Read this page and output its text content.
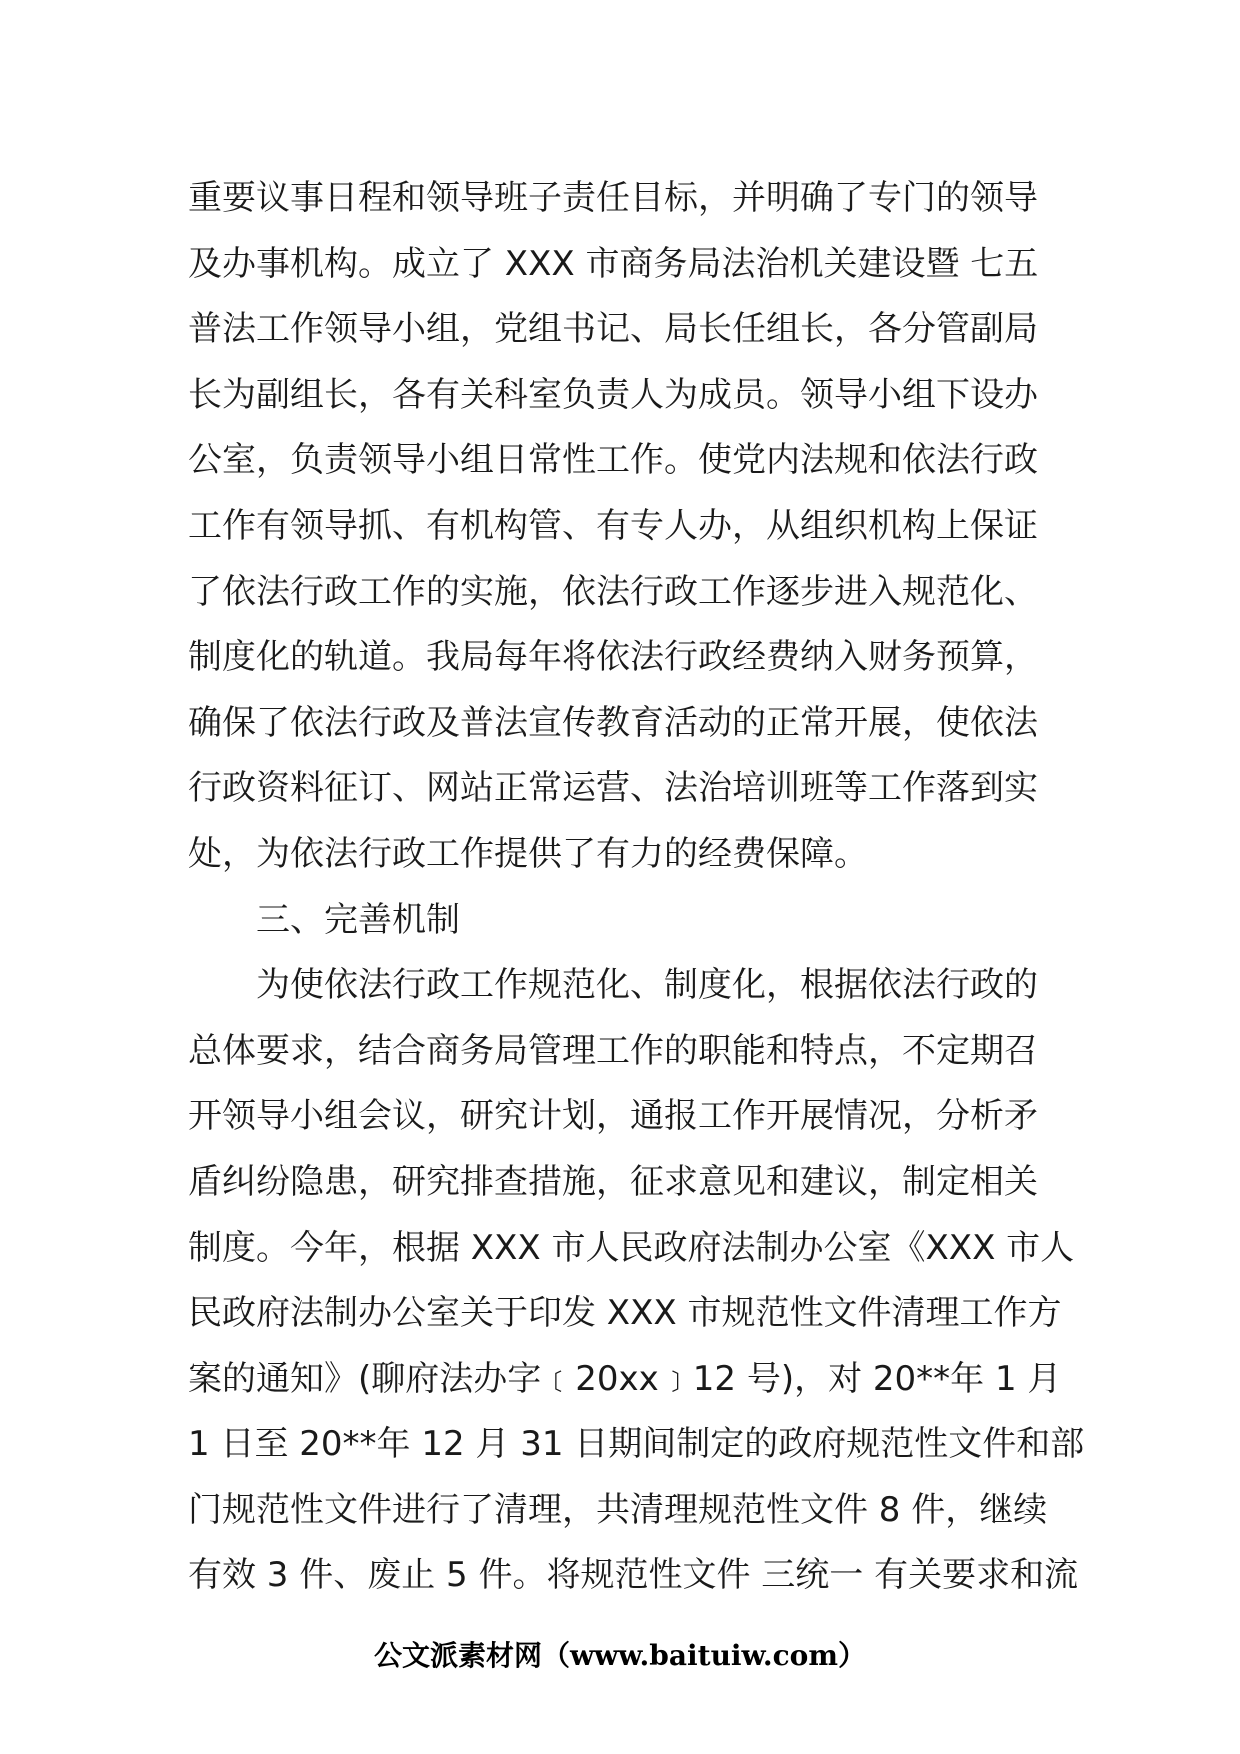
重要议事日程和领导班子责任目标，并明确了专门的领导
及办事机构。成立了 XXX 市商务局法治机关建设暨 七五
普法工作领导小组，党组书记、局长任组长，各分管副局
长为副组长，各有关科室负责人为成员。领导小组下设办
公室，负责领导小组日常性工作。使党内法规和依法行政
工作有领导抓、有机构管、有专人办，从组织机构上保证
了依法行政工作的实施，依法行政工作逐步进入规范化、
制度化的轨道。我局每年将依法行政经费纳入财务预算，
确保了依法行政及普法宣传教育活动的正常开展，使依法
行政资料征订、网站正常运营、法治培训班等工作落到实
处，为依法行政工作提供了有力的经费保障。
三、完善机制
为使依法行政工作规范化、制度化，根据依法行政的
总体要求，结合商务局管理工作的职能和特点，不定期召
开领导小组会议，研究计划，通报工作开展情况，分析矛
盾纠纷隐患，研究排查措施，征求意见和建议，制定相关
制度。今年，根据 XXX 市人民政府法制办公室《XXX 市人
民政府法制办公室关于印发 XXX 市规范性文件清理工作方
案的通知》(聊府法办字﹝20xx﹞12 号)，对 20**年 1 月
1 日至 20**年 12 月 31 日期间制定的政府规范性文件和部
门规范性文件进行了清理，共清理规范性文件 8 件，继续
有效 3 件、废止 5 件。将规范性文件 三统一 有关要求和流
公文派素材网（www.baituiw.com）
